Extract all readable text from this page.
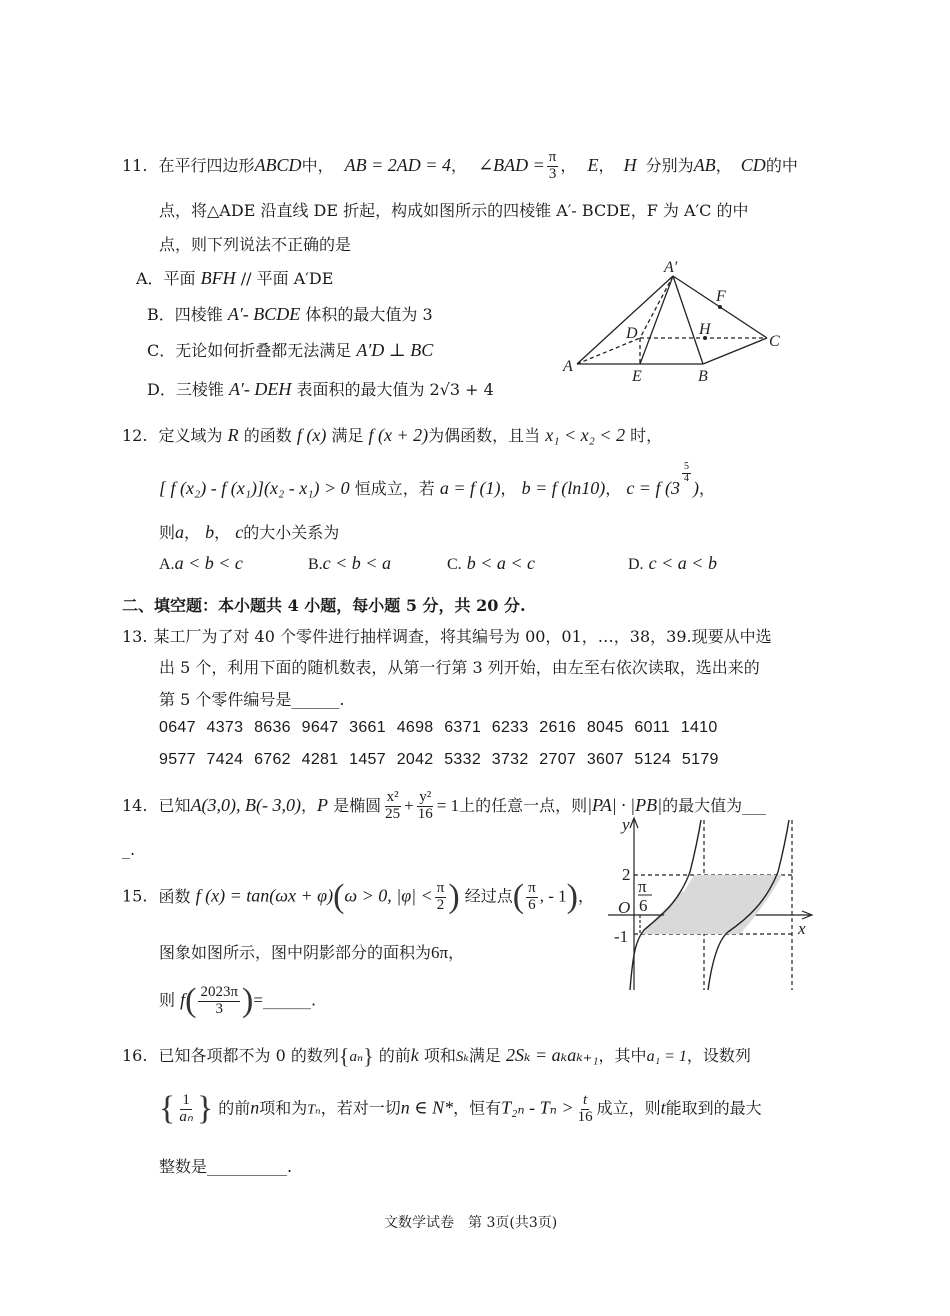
11. 在平行四边形ABCD中， AB = 2AD = 4， ∠BAD = $\frac{\pi}{3}$ ， E， H 分别为AB， CD的中
点，将△ADE 沿直线 DE 折起，构成如图所示的四棱锥 A′- BCDE，F 为 A′C 的中
点，则下列说法不正确的是
A．平面 BFH // 平面 A′DE
B．四棱锥 A′- BCDE 体积的最大值为 3
C．无论如何折叠都无法满足 A′D ⊥ BC
D．三棱锥 A′- DEH 表面积的最大值为 2√3 + 4
A′
F
D	H
C
A
E	B
12. 定义域为 R 的函数 f (x) 满足 f (x + 2)为偶函数，且当 x₁ < x₂ < 2 时，
[ f (x₂) - f (x₁)](x₂ - x₁) > 0 恒成立，若 a = f (1)， b = f (ln10)， c = f (3
$\frac{5}{4}$
)，
则a， b， c的大小关系为
A.a < b < c	B.c < b < a	C. b < a < c	D. c < a < b
二、填空题：本小题共 4 小题，每小题 5 分，共 20 分.
13. 某工厂为了对 40 个零件进行抽样调查，将其编号为 00，01，…，38，39.现要从中选
出 5 个，利用下面的随机数表，从第一行第 3 列开始，由左至右依次读取，选出来的
第 5 个零件编号是______.
0647 4373 8636 9647 3661 4698 6371 6233 2616 8045 6011 1410
9577 7424 6762 4281 1457 2042 5332 3732 2707 3607 5124 5179
14. 已知A(3,0), B(- 3,0)，P 是椭圆 $\frac{\text{x²}}{25} + \frac{\text{y²}}{16} = 1$上的任意一点，则|PA| · |PB|的最大值为___
_.
15. 函数 f (x) = tan(ωx + φ)(ω > 0, $|\varphi| < \frac{\pi}{2}$ ) 经过点( $\frac{\pi}{6}$ , - 1)，
图象如图所示，图中阴影部分的面积为6π，
则 $f( \frac{2023\pi}{3}$ )=______.
y
x
2
π
6
O
-1
16. 已知各项都不为 0 的数列{aₙ} 的前k 项和Sₖ满足 2Sₖ = aₖaₖ₊₁，其中a₁ = 1，设数列
{ $\frac{1}{\text{aₙ}}$ } 的前n项和为Tₙ，若对一切n ∈ N*，恒有$T_{2n} - T_n > \frac{t}{16}$ 成立，则t能取到的最大
整数是__________.
文数学试卷　第 3页(共3页)
